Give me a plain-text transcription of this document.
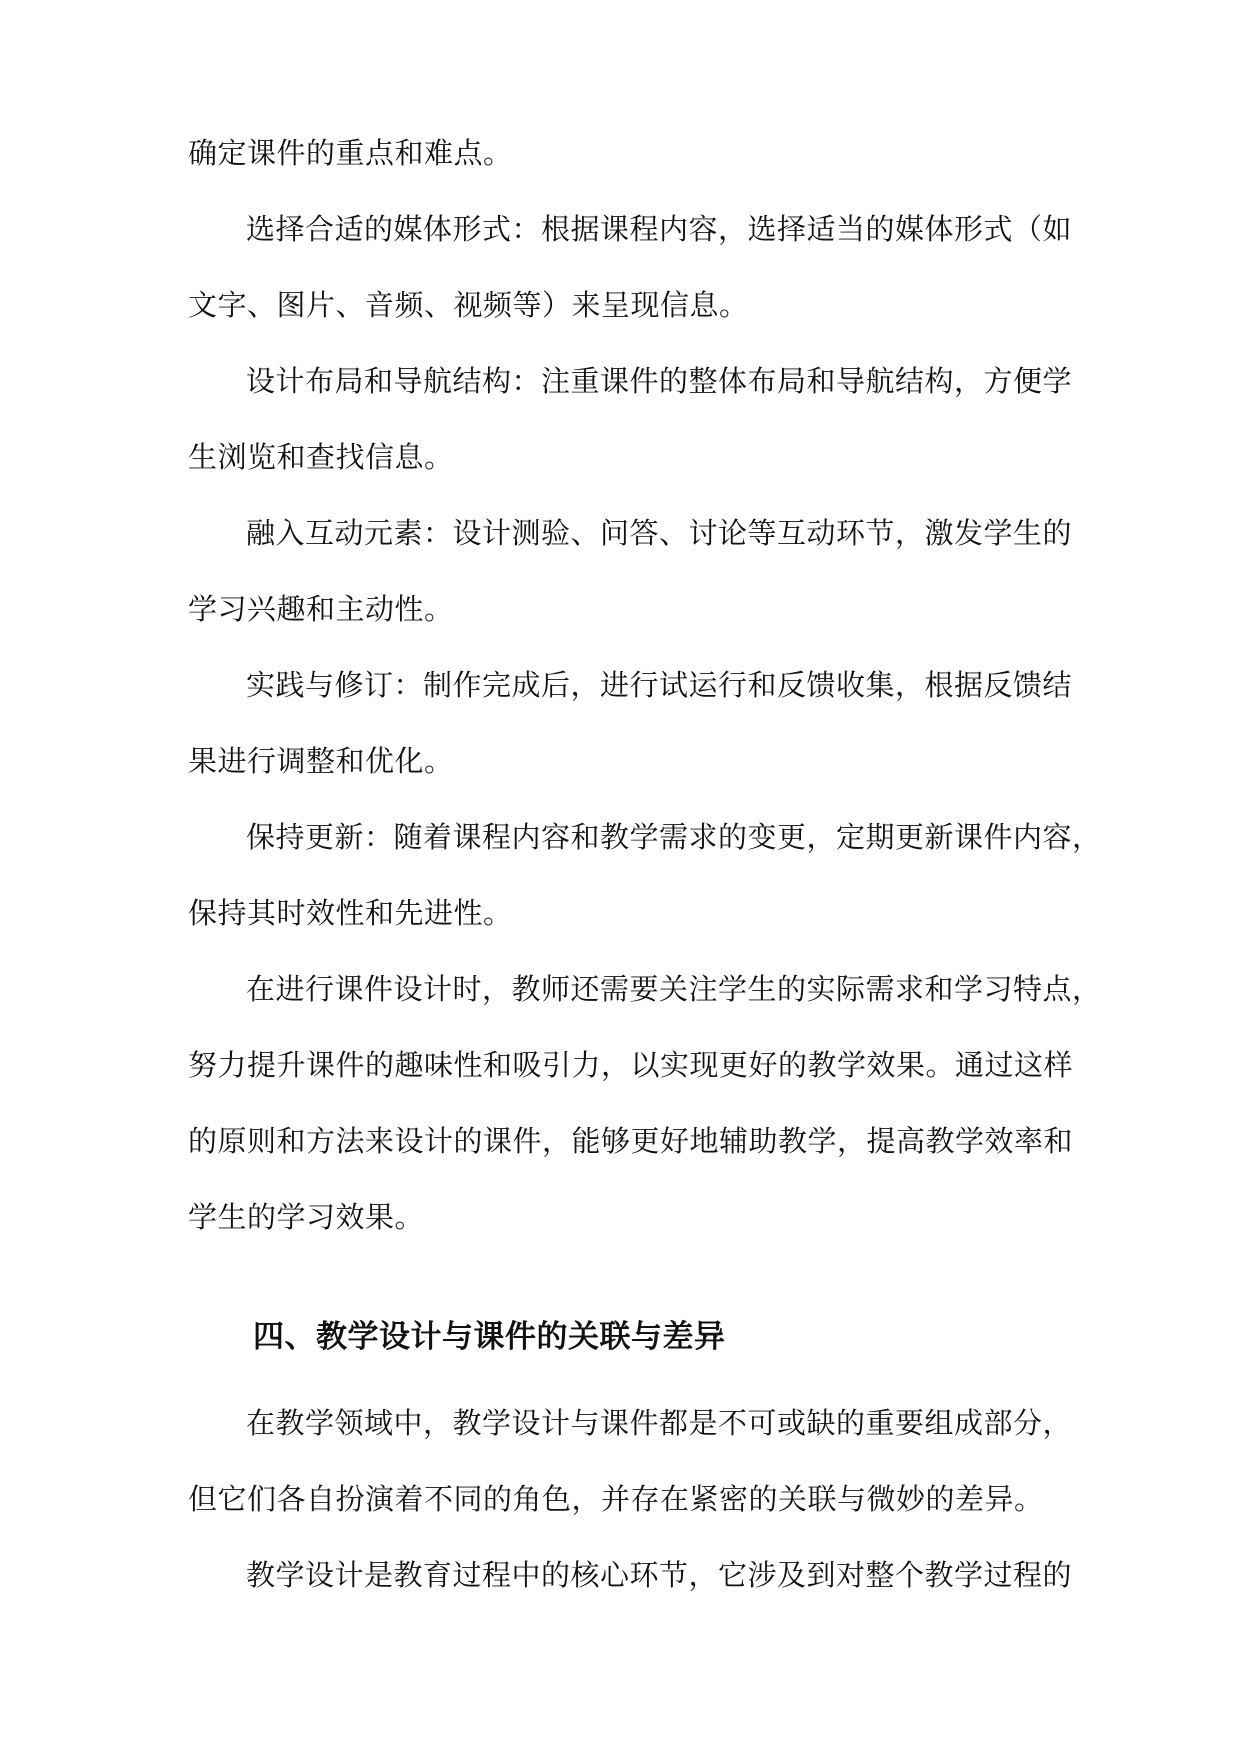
确定课件的重点和难点。
选择合适的媒体形式：根据课程内容，选择适当的媒体形式（如
文字、图片、音频、视频等）来呈现信息。
设计布局和导航结构：注重课件的整体布局和导航结构，方便学
生浏览和查找信息。
融入互动元素：设计测验、问答、讨论等互动环节，激发学生的
学习兴趣和主动性。
实践与修订：制作完成后，进行试运行和反馈收集，根据反馈结
果进行调整和优化。
保持更新：随着课程内容和教学需求的变更，定期更新课件内容，
保持其时效性和先进性。
在进行课件设计时，教师还需要关注学生的实际需求和学习特点，
努力提升课件的趣味性和吸引力，以实现更好的教学效果。通过这样
的原则和方法来设计的课件，能够更好地辅助教学，提高教学效率和
学生的学习效果。
四、教学设计与课件的关联与差异
在教学领域中，教学设计与课件都是不可或缺的重要组成部分，
但它们各自扮演着不同的角色，并存在紧密的关联与微妙的差异。
教学设计是教育过程中的核心环节，它涉及到对整个教学过程的
